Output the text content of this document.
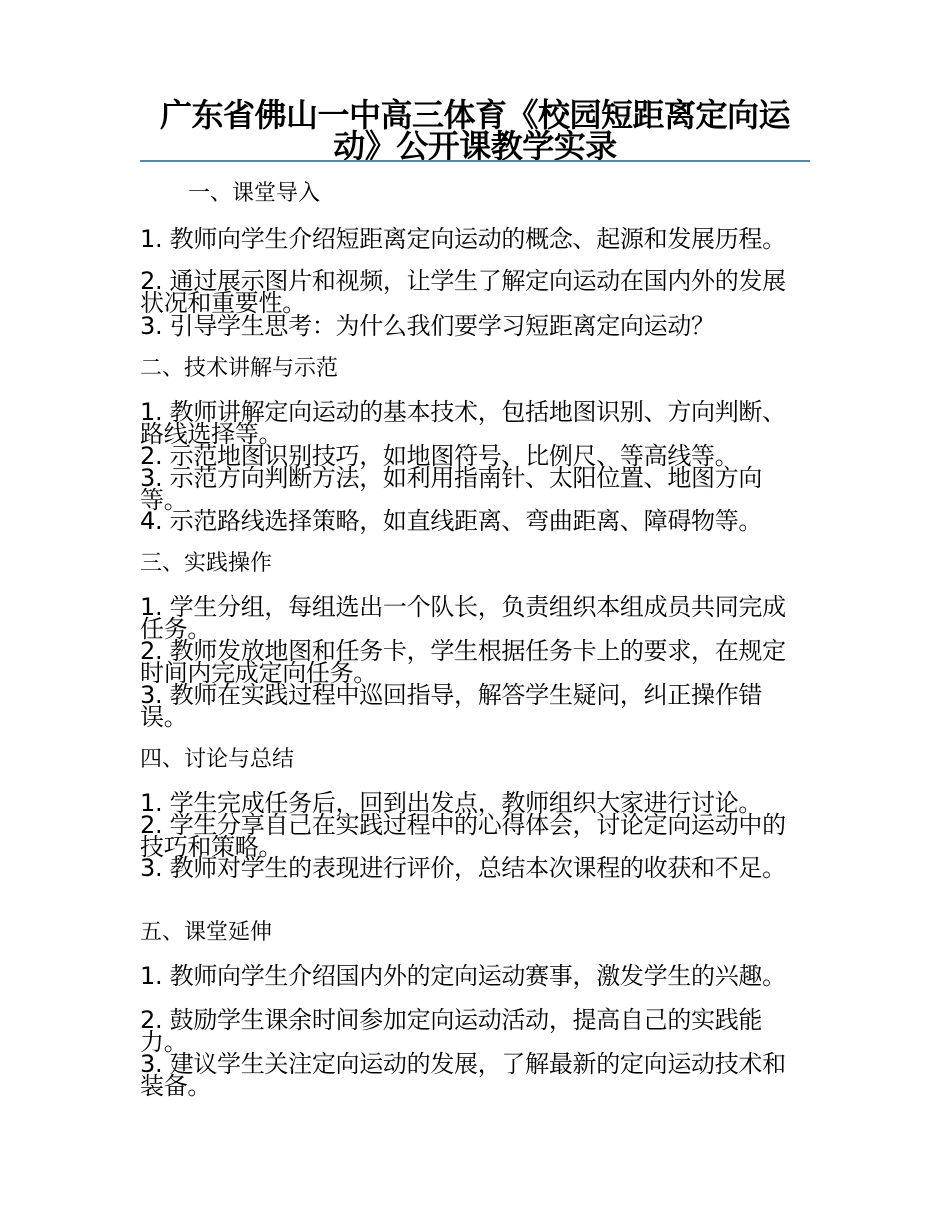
广东省佛山一中高三体育《校园短距离定向运动》公开课教学实录
一、课堂导入
1. 教师向学生介绍短距离定向运动的概念、起源和发展历程。
2. 通过展示图片和视频，让学生了解定向运动在国内外的发展状况和重要性。
3. 引导学生思考：为什么我们要学习短距离定向运动？
二、技术讲解与示范
1. 教师讲解定向运动的基本技术，包括地图识别、方向判断、路线选择等。
2. 示范地图识别技巧，如地图符号、比例尺、等高线等。
3. 示范方向判断方法，如利用指南针、太阳位置、地图方向等。
4. 示范路线选择策略，如直线距离、弯曲距离、障碍物等。
三、实践操作
1. 学生分组，每组选出一个队长，负责组织本组成员共同完成任务。
2. 教师发放地图和任务卡，学生根据任务卡上的要求，在规定时间内完成定向任务。
3. 教师在实践过程中巡回指导，解答学生疑问，纠正操作错误。
四、讨论与总结
1. 学生完成任务后，回到出发点，教师组织大家进行讨论。
2. 学生分享自己在实践过程中的心得体会，讨论定向运动中的技巧和策略。
3. 教师对学生的表现进行评价，总结本次课程的收获和不足。
五、课堂延伸
1. 教师向学生介绍国内外的定向运动赛事，激发学生的兴趣。
2. 鼓励学生课余时间参加定向运动活动，提高自己的实践能力。
3. 建议学生关注定向运动的发展，了解最新的定向运动技术和装备。
